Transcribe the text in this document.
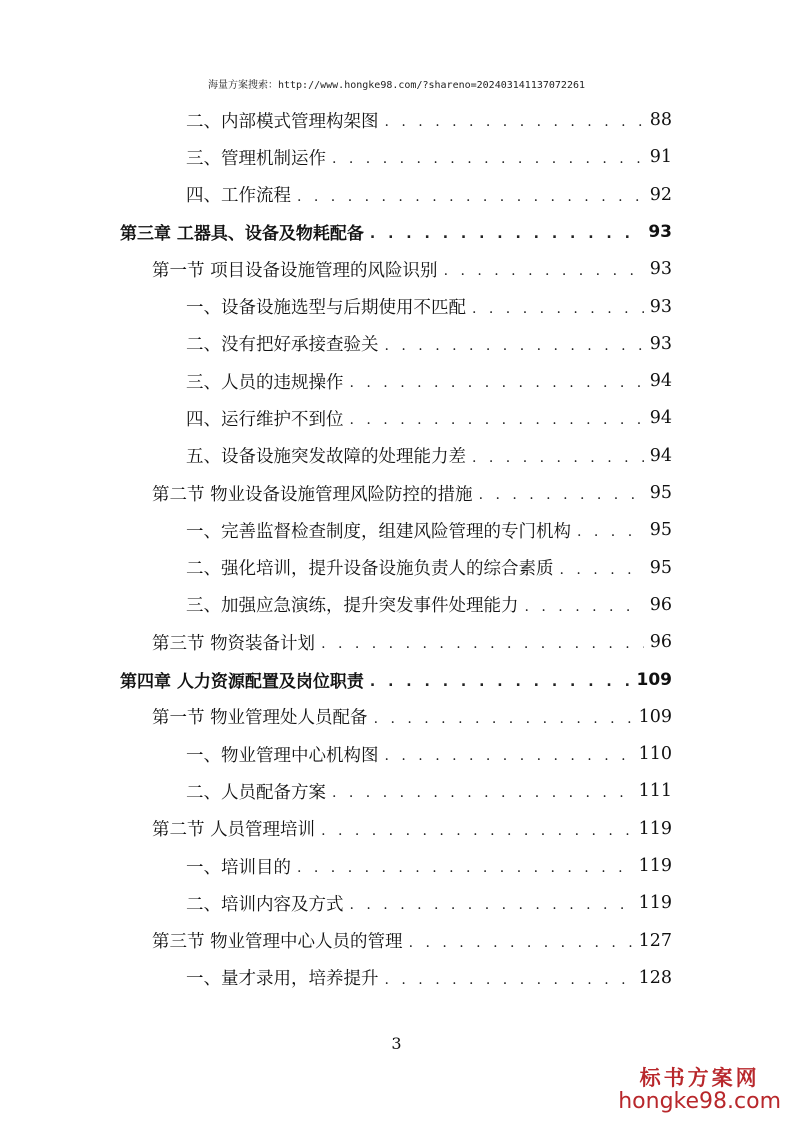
海量方案搜索：http://www.hongke98.com/?shareno=202403141137072261
二、内部模式管理构架图 . . .	88
三、管理机制运作 . . .	91
四、工作流程 . . .	92
第三章 工器具、设备及物耗配备 . . .	93
第一节 项目设备设施管理的风险识别 . . .	93
一、设备设施选型与后期使用不匹配 . . .	93
二、没有把好承接查验关 . . .	93
三、人员的违规操作 . . .	94
四、运行维护不到位 . . .	94
五、设备设施突发故障的处理能力差 . . .	94
第二节 物业设备设施管理风险防控的措施 . . .	95
一、完善监督检查制度，组建风险管理的专门机构 . . .	95
二、强化培训，提升设备设施负责人的综合素质 . . .	95
三、加强应急演练，提升突发事件处理能力 . . .	96
第三节 物资装备计划 . . .	96
第四章 人力资源配置及岗位职责 . . .	109
第一节 物业管理处人员配备 . . .	109
一、物业管理中心机构图 . . .	110
二、人员配备方案 . . .	111
第二节 人员管理培训 . . .	119
一、培训目的 . . .	119
二、培训内容及方式 . . .	119
第三节 物业管理中心人员的管理 . . .	127
一、量才录用，培养提升 . . .	128
3
标书方案网
hongke98.com
